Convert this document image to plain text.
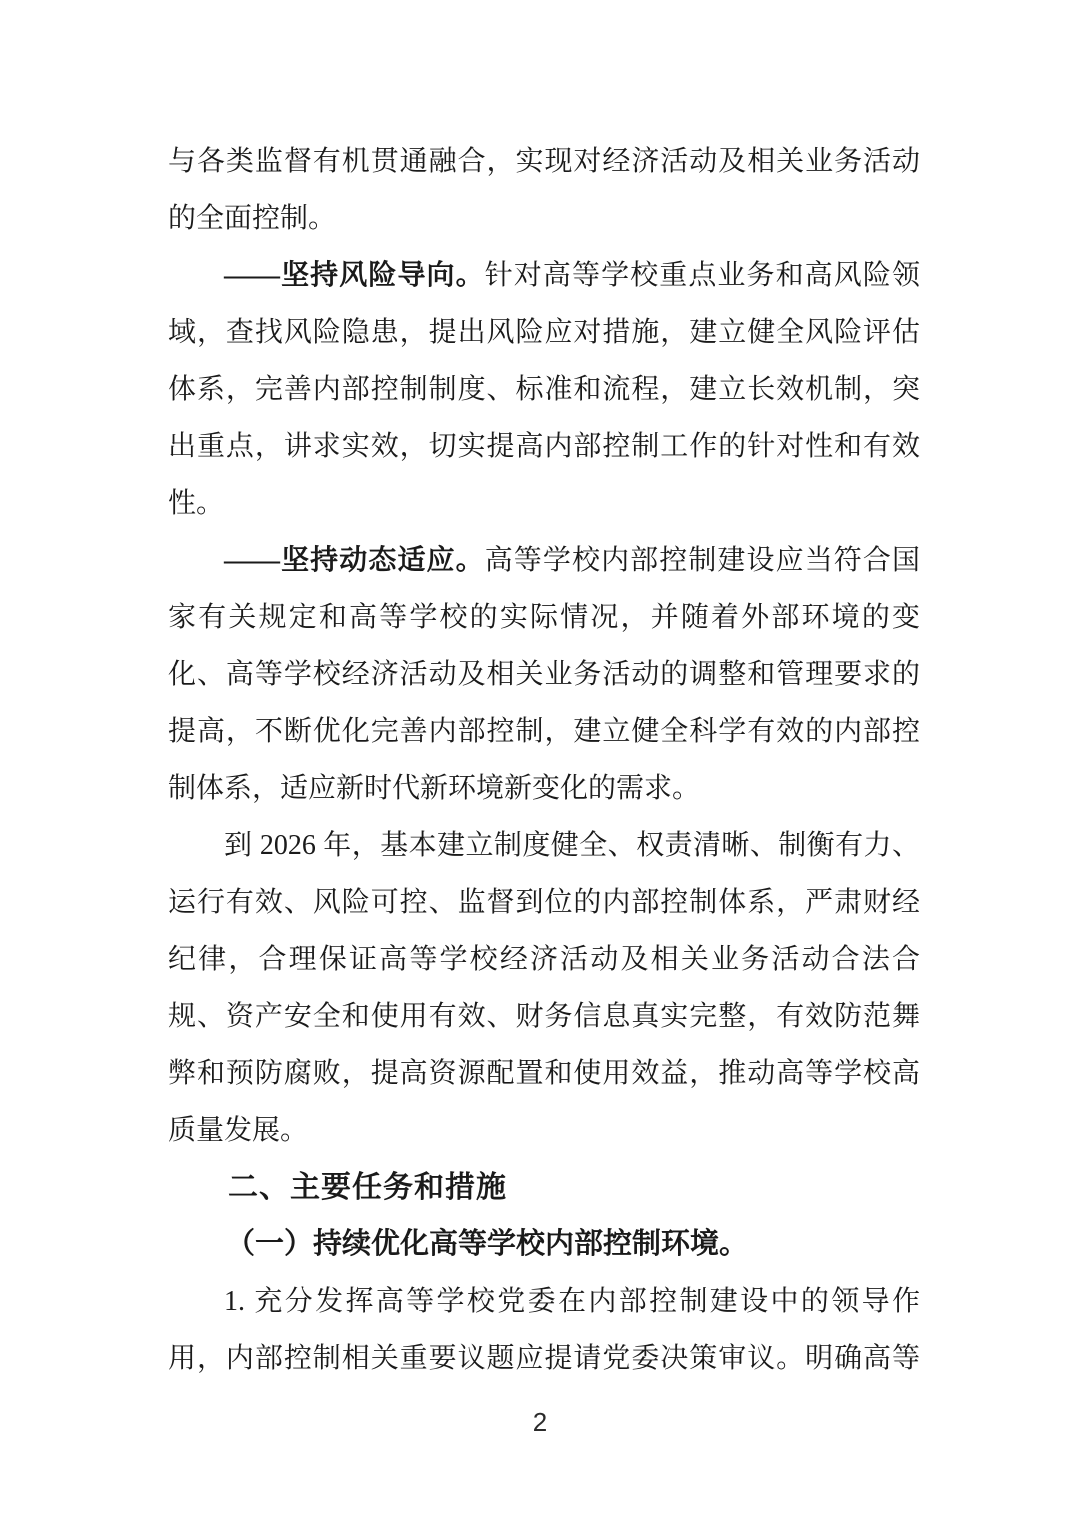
与各类监督有机贯通融合，实现对经济活动及相关业务活动
的全面控制。
——坚持风险导向。针对高等学校重点业务和高风险领
域，查找风险隐患，提出风险应对措施，建立健全风险评估
体系，完善内部控制制度、标准和流程，建立长效机制，突
出重点，讲求实效，切实提高内部控制工作的针对性和有效
性。
——坚持动态适应。高等学校内部控制建设应当符合国
家有关规定和高等学校的实际情况，并随着外部环境的变
化、高等学校经济活动及相关业务活动的调整和管理要求的
提高，不断优化完善内部控制，建立健全科学有效的内部控
制体系，适应新时代新环境新变化的需求。
到 2026 年，基本建立制度健全、权责清晰、制衡有力、
运行有效、风险可控、监督到位的内部控制体系，严肃财经
纪律，合理保证高等学校经济活动及相关业务活动合法合
规、资产安全和使用有效、财务信息真实完整，有效防范舞
弊和预防腐败，提高资源配置和使用效益，推动高等学校高
质量发展。
二、主要任务和措施
（一）持续优化高等学校内部控制环境。
1. 充分发挥高等学校党委在内部控制建设中的领导作
用，内部控制相关重要议题应提请党委决策审议。明确高等
2
